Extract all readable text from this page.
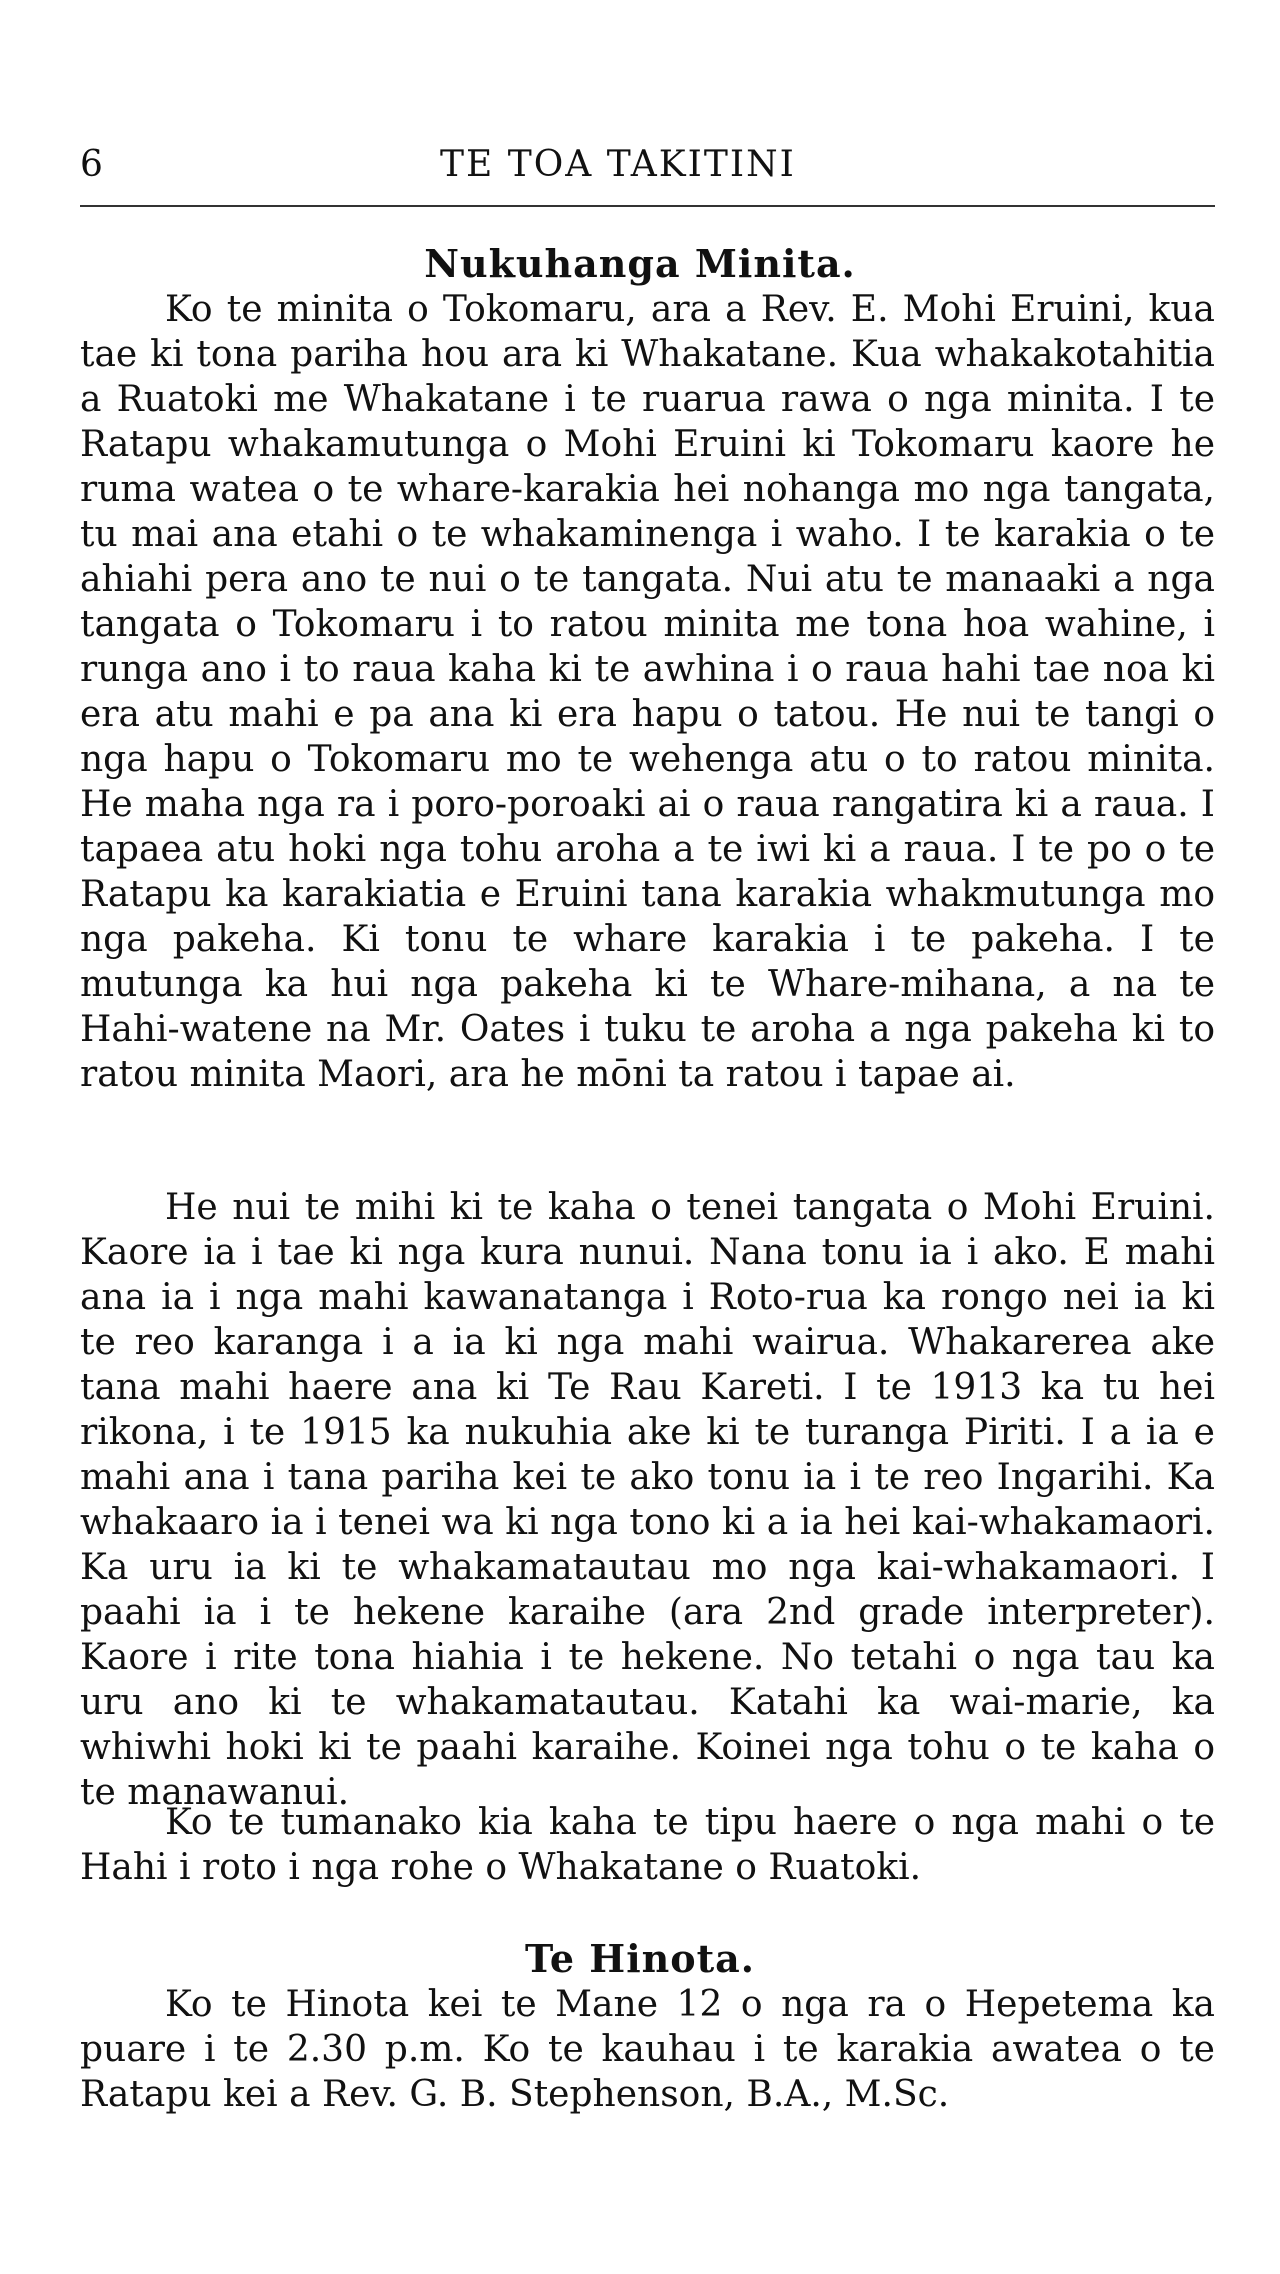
6	TE TOA TAKITINI
Nukuhanga Minita.

Ko te minita o Tokomaru, ara a Rev. E. Mohi Eruini, kua tae ki tona pariha hou ara ki Whakatane. Kua whakakotahitia a Ruatoki me Whakatane i te ruarua rawa o nga minita. I te Ratapu whakamutunga o Mohi Eruini ki Tokomaru kaore he ruma watea o te whare-karakia hei nohanga mo nga tangata, tu mai ana etahi o te whakaminenga i waho. I te karakia o te ahiahi pera ano te nui o te tangata. Nui atu te manaaki a nga tangata o Tokomaru i to ratou minita me tona hoa wahine, i runga ano i to raua kaha ki te awhina i o raua hahi tae noa ki era atu mahi e pa ana ki era hapu o tatou. He nui te tangi o nga hapu o Tokomaru mo te wehenga atu o to ratou minita. He maha nga ra i poro-poroaki ai o raua rangatira ki a raua. I tapaea atu hoki nga tohu aroha a te iwi ki a raua. I te po o te Ratapu ka karakiatia e Eruini tana karakia whakmutunga mo nga pakeha. Ki tonu te whare karakia i te pakeha. I te mutunga ka hui nga pakeha ki te Whare-mihana, a na te Hahi-watene na Mr. Oates i tuku te aroha a nga pakeha ki to ratou minita Maori, ara he mōni ta ratou i tapae ai.

He nui te mihi ki te kaha o tenei tangata o Mohi Eruini. Kaore ia i tae ki nga kura nunui. Nana tonu ia i ako. E mahi ana ia i nga mahi kawanatanga i Roto-rua ka rongo nei ia ki te reo karanga i a ia ki nga mahi wairua. Whakarerea ake tana mahi haere ana ki Te Rau Kareti. I te 1913 ka tu hei rikona, i te 1915 ka nukuhia ake ki te turanga Piriti. I a ia e mahi ana i tana pariha kei te ako tonu ia i te reo Ingarihi. Ka whakaaro ia i tenei wa ki nga tono ki a ia hei kai-whakamaori. Ka uru ia ki te whakamatautau mo nga kai-whakamaori. I paahi ia i te hekene karaihe (ara 2nd grade interpreter). Kaore i rite tona hiahia i te hekene. No tetahi o nga tau ka uru ano ki te whakamatautau. Katahi ka wai-marie, ka whiwhi hoki ki te paahi karaihe. Koinei nga tohu o te kaha o te manawanui.

Ko te tumanako kia kaha te tipu haere o nga mahi o te Hahi i roto i nga rohe o Whakatane o Ruatoki.

Te Hinota.

Ko te Hinota kei te Mane 12 o nga ra o Hepetema ka puare i te 2.30 p.m. Ko te kauhau i te karakia awatea o te Ratapu kei a Rev. G. B. Stephenson, B.A., M.Sc.
